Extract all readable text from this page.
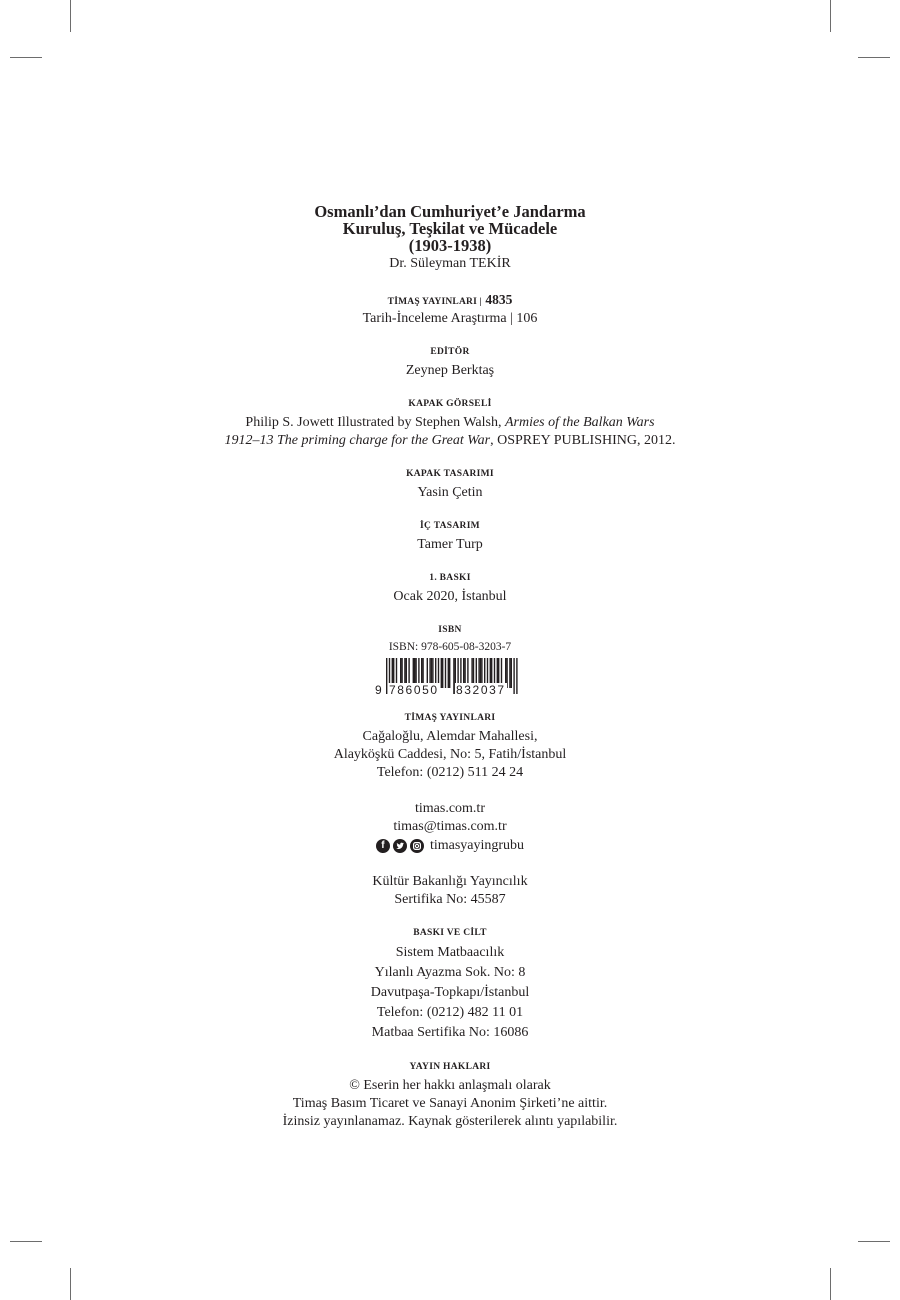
Osmanlı’dan Cumhuriyet’e Jandarma

Kuruluş, Teşkilat ve Mücadele

(1903-1938)

Dr. Süleyman TEKİR

TİMAŞ YAYINLARI | 4835

Tarih-İnceleme Araştırma | 106

EDİTÖR

Zeynep Berktaş

KAPAK GÖRSELİ

Philip S. Jowett Illustrated by Stephen Walsh, Armies of the Balkan Wars

1912–13 The priming charge for the Great War, OSPREY PUBLISHING, 2012.

KAPAK TASARIMI

Yasin Çetin

İÇ TASARIM

Tamer Turp

1. BASKI

Ocak 2020, İstanbul

ISBN

ISBN: 978-605-08-3203-7

9 786050 832037

TİMAŞ YAYINLARI

Cağaloğlu, Alemdar Mahallesi,

Alayköşkü Caddesi, No: 5, Fatih/İstanbul

Telefon: (0212) 511 24 24

timas.com.tr

timas@timas.com.tr

f	timasyayingrubu

Kültür Bakanlığı Yayıncılık

Sertifika No: 45587

BASKI VE CİLT

Sistem Matbaacılık

Yılanlı Ayazma Sok. No: 8

Davutpaşa-Topkapı/İstanbul

Telefon: (0212) 482 11 01

Matbaa Sertifika No: 16086

YAYIN HAKLARI

© Eserin her hakkı anlaşmalı olarak

Timaş Basım Ticaret ve Sanayi Anonim Şirketi’ne aittir.

İzinsiz yayınlanamaz. Kaynak gösterilerek alıntı yapılabilir.
